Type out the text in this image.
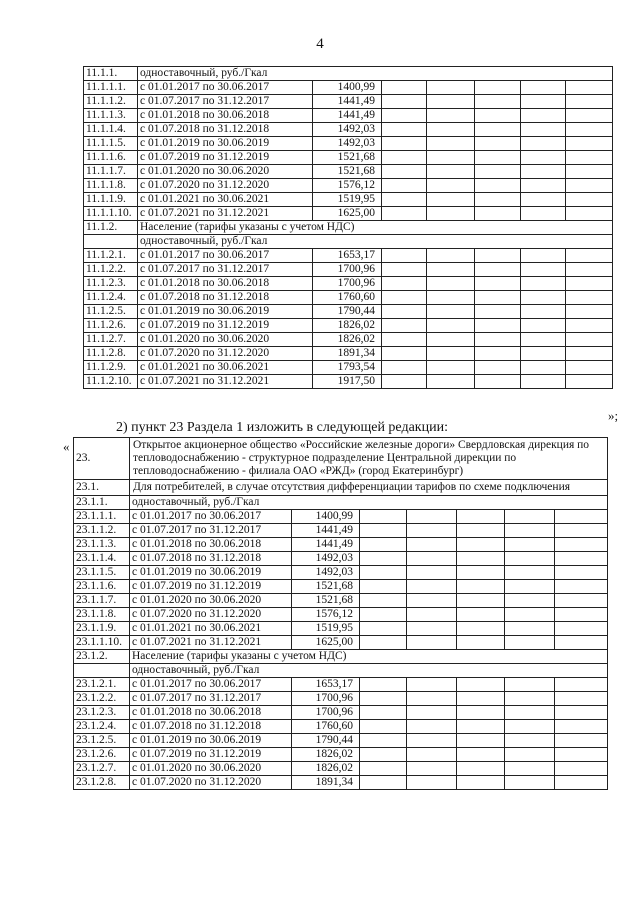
4
11.1.1.	одноставочный, руб./Гкал						
11.1.1.1.	с 01.01.2017 по 30.06.2017	1400,99					
11.1.1.2.	с 01.07.2017 по 31.12.2017	1441,49					
11.1.1.3.	с 01.01.2018 по 30.06.2018	1441,49					
11.1.1.4.	с 01.07.2018 по 31.12.2018	1492,03					
11.1.1.5.	с 01.01.2019 по 30.06.2019	1492,03					
11.1.1.6.	с 01.07.2019 по 31.12.2019	1521,68					
11.1.1.7.	с 01.01.2020 по 30.06.2020	1521,68					
11.1.1.8.	с 01.07.2020 по 31.12.2020	1576,12					
11.1.1.9.	с 01.01.2021 по 30.06.2021	1519,95					
11.1.1.10.	с 01.07.2021 по 31.12.2021	1625,00					
11.1.2.	Население (тарифы указаны с учетом НДС)						
	одноставочный, руб./Гкал						
11.1.2.1.	с 01.01.2017 по 30.06.2017	1653,17					
11.1.2.2.	с 01.07.2017 по 31.12.2017	1700,96					
11.1.2.3.	с 01.01.2018 по 30.06.2018	1700,96					
11.1.2.4.	с 01.07.2018 по 31.12.2018	1760,60					
11.1.2.5.	с 01.01.2019 по 30.06.2019	1790,44					
11.1.2.6.	с 01.07.2019 по 31.12.2019	1826,02					
11.1.2.7.	с 01.01.2020 по 30.06.2020	1826,02					
11.1.2.8.	с 01.07.2020 по 31.12.2020	1891,34					
11.1.2.9.	с 01.01.2021 по 30.06.2021	1793,54					
11.1.2.10.	с 01.07.2021 по 31.12.2021	1917,50					
»;
2) пункт 23 Раздела 1 изложить в следующей редакции:
«
23.	Открытое акционерное общество «Российские железные дороги» Свердловская дирекция по тепловодоснабжению - структурное подразделение Центральной дирекции по тепловодоснабжению - филиала ОАО «РЖД» (город Екатеринбург)						
23.1.	Для потребителей, в случае отсутствия дифференциации тарифов по схеме подключения						
23.1.1.	одноставочный, руб./Гкал						
23.1.1.1.	с 01.01.2017 по 30.06.2017	1400,99					
23.1.1.2.	с 01.07.2017 по 31.12.2017	1441,49					
23.1.1.3.	с 01.01.2018 по 30.06.2018	1441,49					
23.1.1.4.	с 01.07.2018 по 31.12.2018	1492,03					
23.1.1.5.	с 01.01.2019 по 30.06.2019	1492,03					
23.1.1.6.	с 01.07.2019 по 31.12.2019	1521,68					
23.1.1.7.	с 01.01.2020 по 30.06.2020	1521,68					
23.1.1.8.	с 01.07.2020 по 31.12.2020	1576,12					
23.1.1.9.	с 01.01.2021 по 30.06.2021	1519,95					
23.1.1.10.	с 01.07.2021 по 31.12.2021	1625,00					
23.1.2.	Население (тарифы указаны с учетом НДС)						
	одноставочный, руб./Гкал						
23.1.2.1.	с 01.01.2017 по 30.06.2017	1653,17					
23.1.2.2.	с 01.07.2017 по 31.12.2017	1700,96					
23.1.2.3.	с 01.01.2018 по 30.06.2018	1700,96					
23.1.2.4.	с 01.07.2018 по 31.12.2018	1760,60					
23.1.2.5.	с 01.01.2019 по 30.06.2019	1790,44					
23.1.2.6.	с 01.07.2019 по 31.12.2019	1826,02					
23.1.2.7.	с 01.01.2020 по 30.06.2020	1826,02					
23.1.2.8.	с 01.07.2020 по 31.12.2020	1891,34					
